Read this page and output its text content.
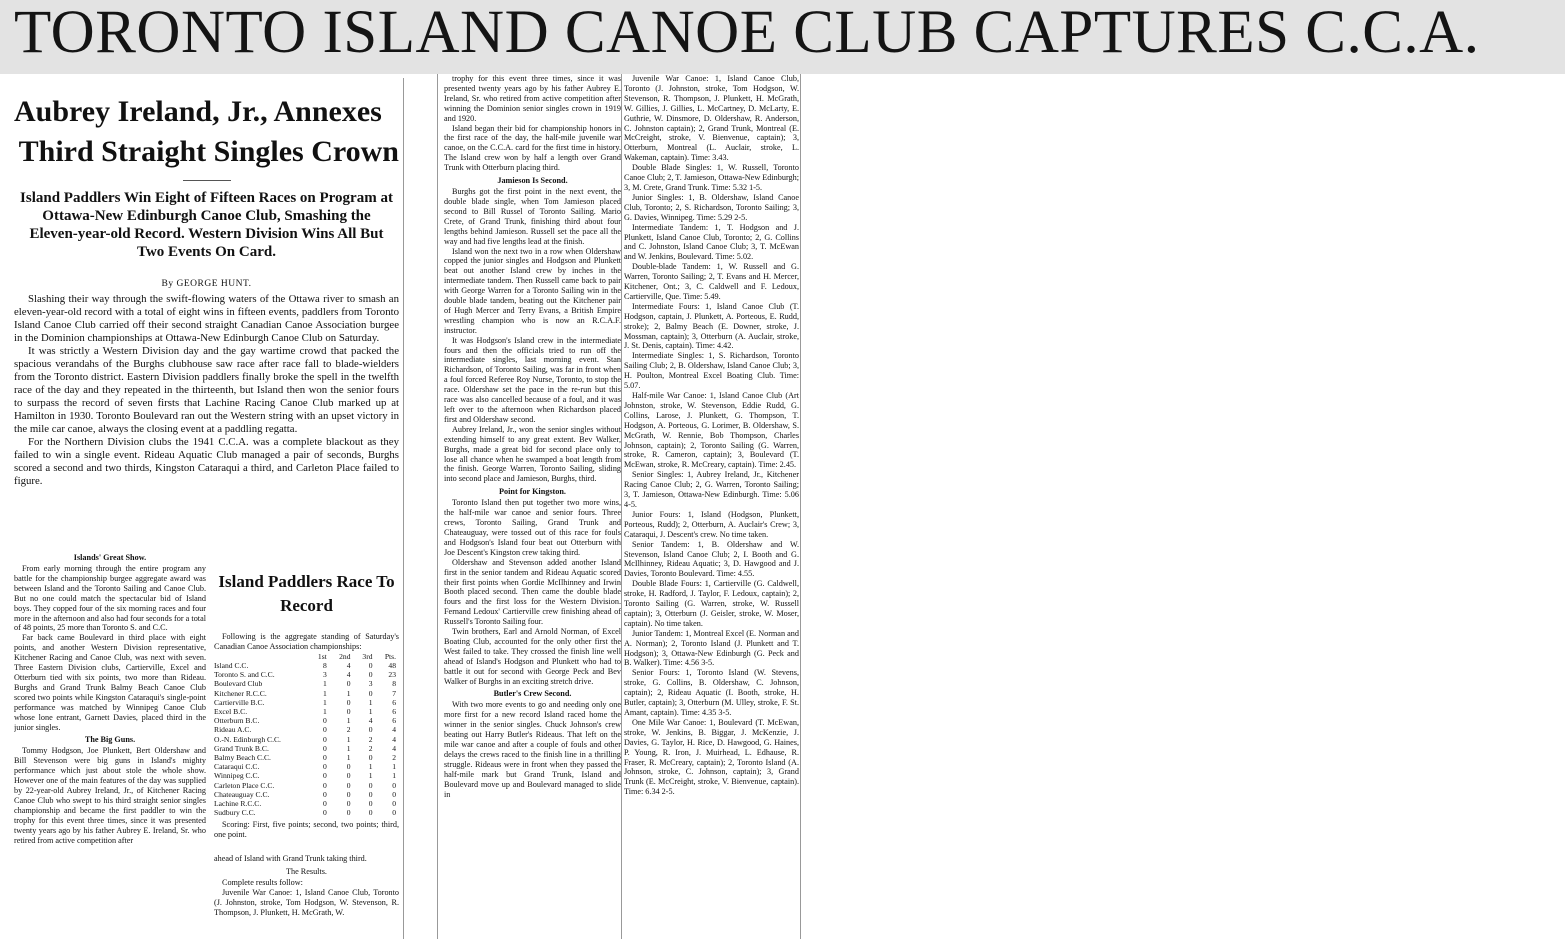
TORONTO ISLAND CANOE CLUB CAPTURES C.C.A.
Aubrey Ireland, Jr., Annexes
Third Straight Singles Crown
Island Paddlers Win Eight of Fifteen Races on Program at Ottawa-New Edinburgh Canoe Club, Smashing the Eleven-year-old Record. Western Division Wins All But Two Events On Card.
By GEORGE HUNT.

Slashing their way through the swift-flowing waters of the Ottawa river to smash an eleven-year-old record with a total of eight wins in fifteen events, paddlers from Toronto Island Canoe Club carried off their second straight Canadian Canoe Association burgee in the Dominion championships at Ottawa-New Edinburgh Canoe Club on Saturday.

It was strictly a Western Division day and the gay wartime crowd that packed the spacious verandahs of the Burghs clubhouse saw race after race fall to blade-wielders from the Toronto district. Eastern Division paddlers finally broke the spell in the twelfth race of the day and they repeated in the thirteenth, but Island then won the senior fours to surpass the record of seven firsts that Lachine Racing Canoe Club marked up at Hamilton in 1930. Toronto Boulevard ran out the Western string with an upset victory in the mile car canoe, always the closing event at a paddling regatta.

For the Northern Division clubs the 1941 C.C.A. was a complete blackout as they failed to win a single event. Rideau Aquatic Club managed a pair of seconds, Burghs scored a second and two thirds, Kingston Cataraqui a third, and Carleton Place failed to figure.

Islands' Great Show.

From early morning through the entire program any battle for the championship burgee aggregate award was between Island and the Toronto Sailing and Canoe Club. But no one could match the spectacular bid of Island boys. They copped four of the six morning races and four more in the afternoon and also had four seconds for a total of 48 points, 25 more than Toronto S. and C.C.

Far back came Boulevard in third place with eight points, and another Western Division representative, Kitchener Racing and Canoe Club, was next with seven. Three Eastern Division clubs, Cartierville, Excel and Otterburn tied with six points, two more than Rideau. Burghs and Grand Trunk Balmy Beach Canoe Club scored two points while Kingston Cataraqui's single-point performance was matched by Winnipeg Canoe Club whose lone entrant, Garnett Davies, placed third in the junior singles.

The Big Guns.

Tommy Hodgson, Joe Plunkett, Bert Oldershaw and Bill Stevenson were big guns in Island's mighty performance which just about stole the whole show. However one of the main features of the day was supplied by 22-year-old Aubrey Ireland, Jr., of Kitchener Racing Canoe Club who swept to his third straight senior singles championship and became the first paddler to win the trophy for this event three times, since it was presented twenty years ago by his father Aubrey E. Ireland, Sr. who retired from active competition after

Island Paddlers Race To Record

Following is the aggregate standing of Saturday's Canadian Canoe Association championships:

	1st	2nd	3rd	Pts.
Island C.C.	8	4	0	48
Toronto S. and C.C.	3	4	0	23
Boulevard Club	1	0	3	8
Kitchener R.C.C.	1	1	0	7
Cartierville B.C.	1	0	1	6
Excel B.C.	1	0	1	6
Otterburn B.C.	0	1	4	6
Rideau A.C.	0	2	0	4
O.-N. Edinburgh C.C.	0	1	2	4
Grand Trunk B.C.	0	1	2	4
Balmy Beach C.C.	0	1	0	2
Cataraqui C.C.	0	0	1	1
Winnipeg C.C.	0	0	1	1
Carleton Place C.C.	0	0	0	0
Chateauguay C.C.	0	0	0	0
Lachine R.C.C.	0	0	0	0
Sudbury C.C.	0	0	0	0

Scoring: First, five points; second, two points; third, one point.

ahead of Island with Grand Trunk taking third.

The Results.

Complete results follow:

Juvenile War Canoe: 1, Island Canoe Club, Toronto (J. Johnston, stroke, Tom Hodgson, W. Stevenson, R. Thompson, J. Plunkett, H. McGrath, W.

trophy for this event three times, since it was presented twenty years ago by his father Aubrey E. Ireland, Sr. who retired from active competition after winning the Dominion senior singles crown in 1919 and 1920.

Island began their bid for championship honors in the first race of the day, the half-mile juvenile war canoe, on the C.C.A. card for the first time in history. The Island crew won by half a length over Grand Trunk with Otterburn placing third.

Jamieson Is Second.

Burghs got the first point in the next event, the double blade single, when Tom Jamieson placed second to Bill Russel of Toronto Sailing. Mario Crete, of Grand Trunk, finishing third about four lengths behind Jamieson. Russell set the pace all the way and had five lengths lead at the finish.

Island won the next two in a row when Oldershaw copped the junior singles and Hodgson and Plunkett beat out another Island crew by inches in the intermediate tandem. Then Russell came back to pair with George Warren for a Toronto Sailing win in the double blade tandem, beating out the Kitchener pair of Hugh Mercer and Terry Evans, a British Empire wrestling champion who is now an R.C.A.F. instructor.

It was Hodgson's Island crew in the intermediate fours and then the officials tried to run off the intermediate singles, last morning event. Stan Richardson, of Toronto Sailing, was far in front when a foul forced Referee Roy Nurse, Toronto, to stop the race. Oldershaw set the pace in the re-run but this race was also cancelled because of a foul, and it was left over to the afternoon when Richardson placed first and Oldershaw second.

Aubrey Ireland, Jr., won the senior singles without extending himself to any great extent. Bev Walker, Burghs, made a great bid for second place only to lose all chance when he swamped a boat length from the finish. George Warren, Toronto Sailing, sliding into second place and Jamieson, Burghs, third.

Point for Kingston.

Toronto Island then put together two more wins, the half-mile war canoe and senior fours. Three crews, Toronto Sailing, Grand Trunk and Chateauguay, were tossed out of this race for fouls and Hodgson's Island four beat out Otterburn with Joe Descent's Kingston crew taking third.

Oldershaw and Stevenson added another Island first in the senior tandem and Rideau Aquatic scored their first points when Gordie McIlhinney and Irwin Booth placed second. Then came the double blade fours and the first loss for the Western Division. Fernand Ledoux' Cartierville crew finishing ahead of Russell's Toronto Sailing four.

Twin brothers, Earl and Arnold Norman, of Excel Boating Club, accounted for the only other first the West failed to take. They crossed the finish line well ahead of Island's Hodgson and Plunkett who had to battle it out for second with George Peck and Bev Walker of Burghs in an exciting stretch drive.

Butler's Crew Second.

With two more events to go and needing only one more first for a new record Island raced home the winner in the senior singles. Chuck Johnson's crew beating out Harry Butler's Rideaus. That left on the mile war canoe and after a couple of fouls and other delays the crews raced to the finish line in a thrilling struggle. Rideaus were in front when they passed the half-mile mark but Grand Trunk, Island and Boulevard move up and Boulevard managed to slide in

Juvenile War Canoe: 1, Island Canoe Club, Toronto (J. Johnston, stroke, Tom Hodgson, W. Stevenson, R. Thompson, J. Plunkett, H. McGrath, W. Gillies, J. Gillies, L. McCartney, D. McLarty, E. Guthrie, W. Dinsmore, D. Oldershaw, R. Anderson, C. Johnston captain); 2, Grand Trunk, Montreal (E. McCreight, stroke, V. Bienvenue, captain); 3, Otterburn, Montreal (L. Auclair, stroke, L. Wakeman, captain). Time: 3.43.

Double Blade Singles: 1, W. Russell, Toronto Canoe Club; 2, T. Jamieson, Ottawa-New Edinburgh; 3, M. Crete, Grand Trunk. Time: 5.32 1-5.

Junior Singles: 1, B. Oldershaw, Island Canoe Club, Toronto; 2, S. Richardson, Toronto Sailing; 3, G. Davies, Winnipeg. Time: 5.29 2-5.

Intermediate Tandem: 1, T. Hodgson and J. Plunkett, Island Canoe Club, Toronto; 2, G. Collins and C. Johnston, Island Canoe Club; 3, T. McEwan and W. Jenkins, Boulevard. Time: 5.02.

Double-blade Tandem: 1, W. Russell and G. Warren, Toronto Sailing; 2, T. Evans and H. Mercer, Kitchener, Ont.; 3, C. Caldwell and F. Ledoux, Cartierville, Que. Time: 5.49.

Intermediate Fours: 1, Island Canoe Club (T. Hodgson, captain, J. Plunkett, A. Porteous, E. Rudd, stroke); 2, Balmy Beach (E. Downer, stroke, J. Mossman, captain); 3, Otterburn (A. Auclair, stroke, J. St. Denis, captain). Time: 4.42.

Intermediate Singles: 1, S. Richardson, Toronto Sailing Club; 2, B. Oldershaw, Island Canoe Club; 3, H. Poulton, Montreal Excel Boating Club. Time: 5.07.

Half-mile War Canoe: 1, Island Canoe Club (Art Johnston, stroke, W. Stevenson, Eddie Rudd, G. Collins, Larose, J. Plunkett, G. Thompson, T. Hodgson, A. Porteous, G. Lorimer, B. Oldershaw, S. McGrath, W. Rennie, Bob Thompson, Charles Johnson, captain); 2, Toronto Sailing (G. Warren, stroke, R. Cameron, captain); 3, Boulevard (T. McEwan, stroke, R. McCreary, captain). Time: 2.45.

Senior Singles: 1, Aubrey Ireland, Jr., Kitchener Racing Canoe Club; 2, G. Warren, Toronto Sailing; 3, T. Jamieson, Ottawa-New Edinburgh. Time: 5.06 4-5.

Junior Fours: 1, Island (Hodgson, Plunkett, Porteous, Rudd); 2, Otterburn, A. Auclair's Crew; 3, Cataraqui, J. Descent's crew. No time taken.

Senior Tandem: 1, B. Oldershaw and W. Stevenson, Island Canoe Club; 2, I. Booth and G. McIlhinney, Rideau Aquatic; 3, D. Hawgood and J. Davies, Toronto Boulevard. Time: 4.55.

Double Blade Fours: 1, Cartierville (G. Caldwell, stroke, H. Radford, J. Taylor, F. Ledoux, captain); 2, Toronto Sailing (G. Warren, stroke, W. Russell captain); 3, Otterburn (J. Geisler, stroke, W. Moser, captain). No time taken.

Junior Tandem: 1, Montreal Excel (E. Norman and A. Norman); 2, Toronto Island (J. Plunkett and T. Hodgson); 3, Ottawa-New Edinburgh (G. Peck and B. Walker). Time: 4.56 3-5.

Senior Fours: 1, Toronto Island (W. Stevens, stroke, G. Collins, B. Oldershaw, C. Johnson, captain); 2, Rideau Aquatic (I. Booth, stroke, H. Butler, captain); 3, Otterburn (M. Ulley, stroke, F. St. Amant, captain). Time: 4.35 3-5.

One Mile War Canoe: 1, Boulevard (T. McEwan, stroke, W. Jenkins, B. Biggar, J. McKenzie, J. Davies, G. Taylor, H. Rice, D. Hawgood, G. Haines, P. Young, R. Iron, J. Muirhead, L. Edhause, R. Fraser, R. McCreary, captain); 2, Toronto Island (A. Johnson, stroke, C. Johnson, captain); 3, Grand Trunk (E. McCreight, stroke, V. Bienvenue, captain). Time: 6.34 2-5.
